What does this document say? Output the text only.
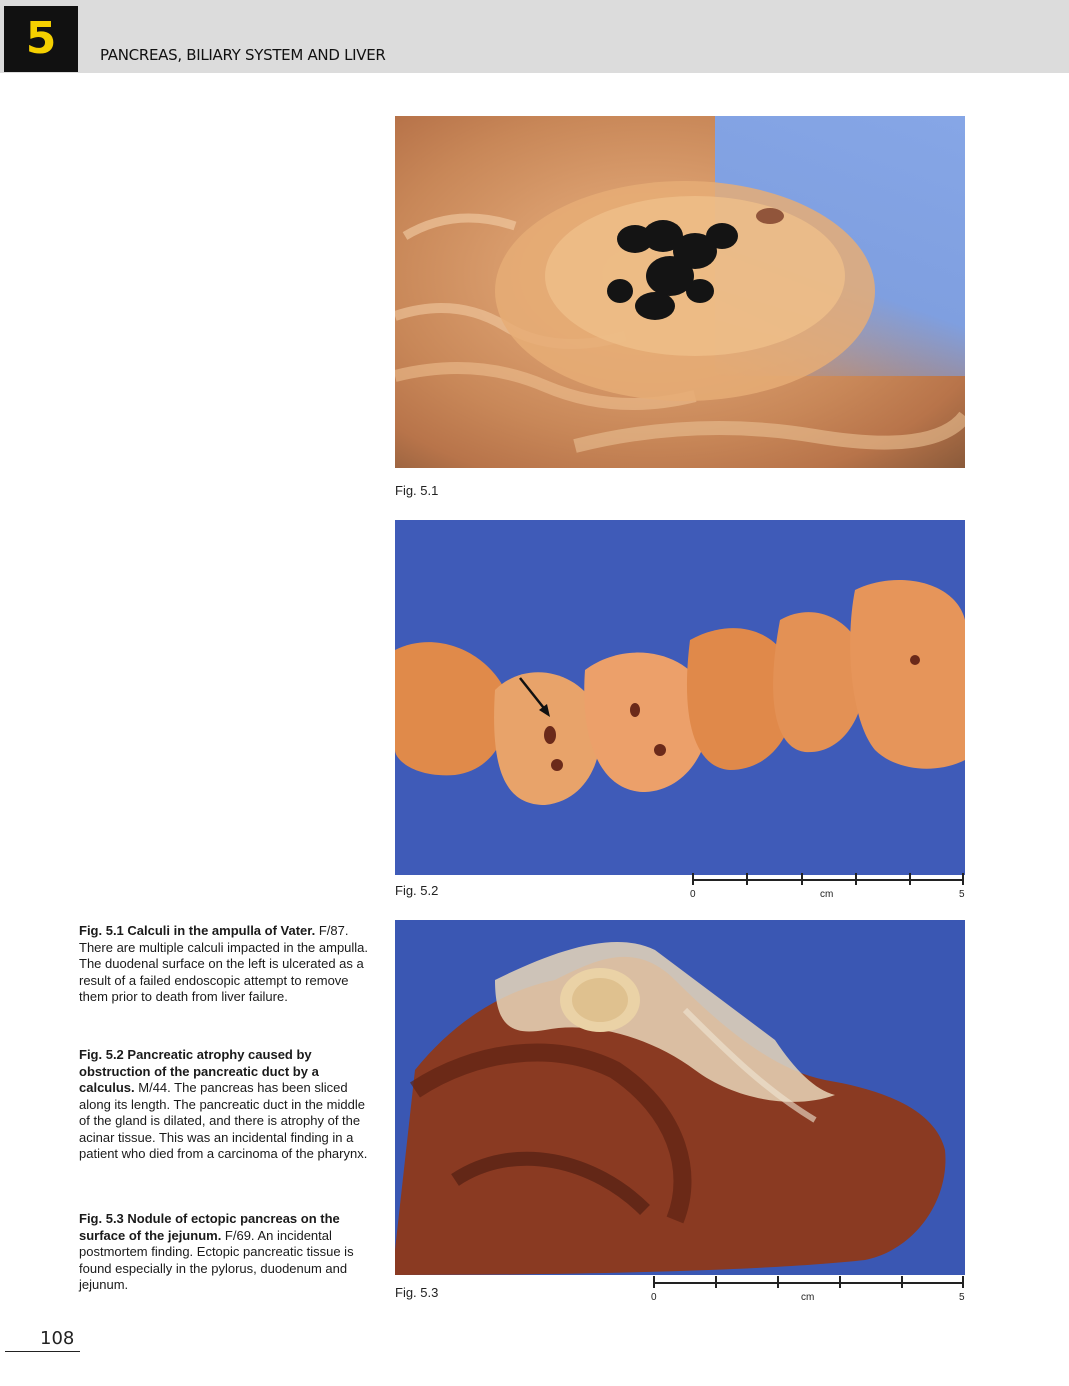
5	PANCREAS, BILIARY SYSTEM AND LIVER
Fig. 5.1
Fig. 5.2	0	cm	5
Fig. 5.3	0	cm	5
Fig. 5.1 Calculi in the ampulla of Vater. F/87. There are multiple calculi impacted in the ampulla. The duodenal surface on the left is ulcerated as a result of a failed endoscopic attempt to remove them prior to death from liver failure.
Fig. 5.2 Pancreatic atrophy caused by obstruction of the pancreatic duct by a calculus. M/44. The pancreas has been sliced along its length. The pancreatic duct in the middle of the gland is dilated, and there is atrophy of the acinar tissue. This was an incidental finding in a patient who died from a carcinoma of the pharynx.
Fig. 5.3 Nodule of ectopic pancreas on the surface of the jejunum. F/69. An incidental postmortem finding. Ectopic pancreatic tissue is found especially in the pylorus, duodenum and jejunum.
108
